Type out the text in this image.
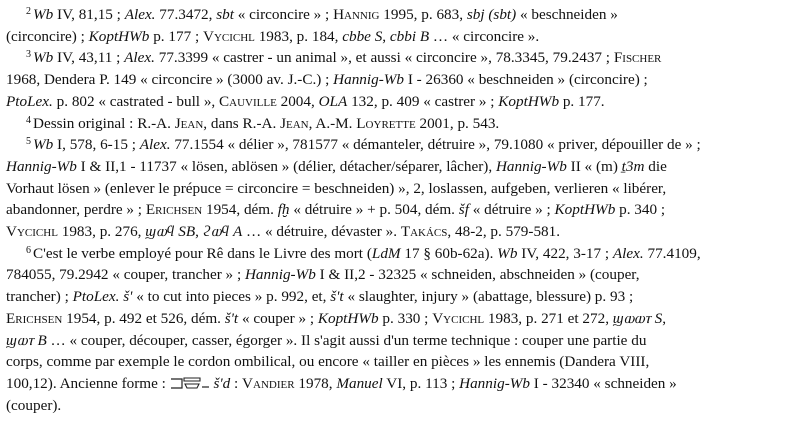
$^2$ Wb IV, 81,15 ; Alex. 77.3472, sbt « circoncire » ; Hannig 1995, p. 683, sbj (sbt) « beschneiden »
(circoncire) ; KoptHWb p. 177 ; Vycichl 1983, p. 184, cbbe S, cbbi B … « circoncire ».
$^3$ Wb IV, 43,11 ; Alex. 77.3399 « castrer - un animal », et aussi « circoncire », 78.3345, 79.2437 ; Fischer
1968, Dendera P. 149 « circoncire » (3000 av. J.-C.) ; Hannig-Wb I - 26360 « beschneiden » (circoncire) ;
PtoLex. p. 802 « castrated - bull », Cauville 2004, OLA 132, p. 409 « castrer » ; KoptHWb p. 177.
$^4$ Dessin original : R.-A. Jean, dans R.-A. Jean, A.-M. Loyrette 2001, p. 543.
$^5$ Wb I, 578, 6-15 ; Alex. 77.1554 « délier », 781577 « démanteler, détruire », 79.1080 « priver, dépouiller de » ;
Hannig-Wb I & II,1 - 11737 « lösen, ablösen » (délier, détacher/séparer, lâcher), Hannig-Wb II « (m) ṯ3m die
Vorhaut lösen » (enlever le prépuce = circoncire = beschneiden) », 2, loslassen, aufgeben, verlieren « libérer,
abandonner, perdre » ; Erichsen 1954, dém. fḫ « détruire » + p. 504, dém. šf « détruire » ; KoptHWb p. 340 ;
Vycichl 1983, p. 276, ϣⲱϥ SB, ϩⲱϥ A … « détruire, dévaster ». Takács, 48-2, p. 579-581.
$^6$ C'est le verbe employé pour Rê dans le Livre des mort (LdM 17 § 60b-62a). Wb IV, 422, 3-17 ; Alex. 77.4109,
784055, 79.2942 « couper, trancher » ; Hannig-Wb I & II,2 - 32325 « schneiden, abschneiden » (couper,
trancher) ; PtoLex. š' « to cut into pieces » p. 992, et, š't « slaughter, injury » (abattage, blessure) p. 93 ;
Erichsen 1954, p. 492 et 526, dém. š't « couper » ; KoptHWb p. 330 ; Vycichl 1983, p. 271 et 272, ϣⲱⲱⲧ S,
ϣⲱⲧ B … « couper, découper, casser, égorger ». Il s'agit aussi d'un terme technique : couper une partie du
corps, comme par exemple le cordon ombilical, ou encore « tailler en pièces » les ennemis (Dandera VIII,
100,12). Ancienne forme :	š'd : Vandier 1978, Manuel VI, p. 113 ; Hannig-Wb I - 32340 « schneiden »
(couper).
